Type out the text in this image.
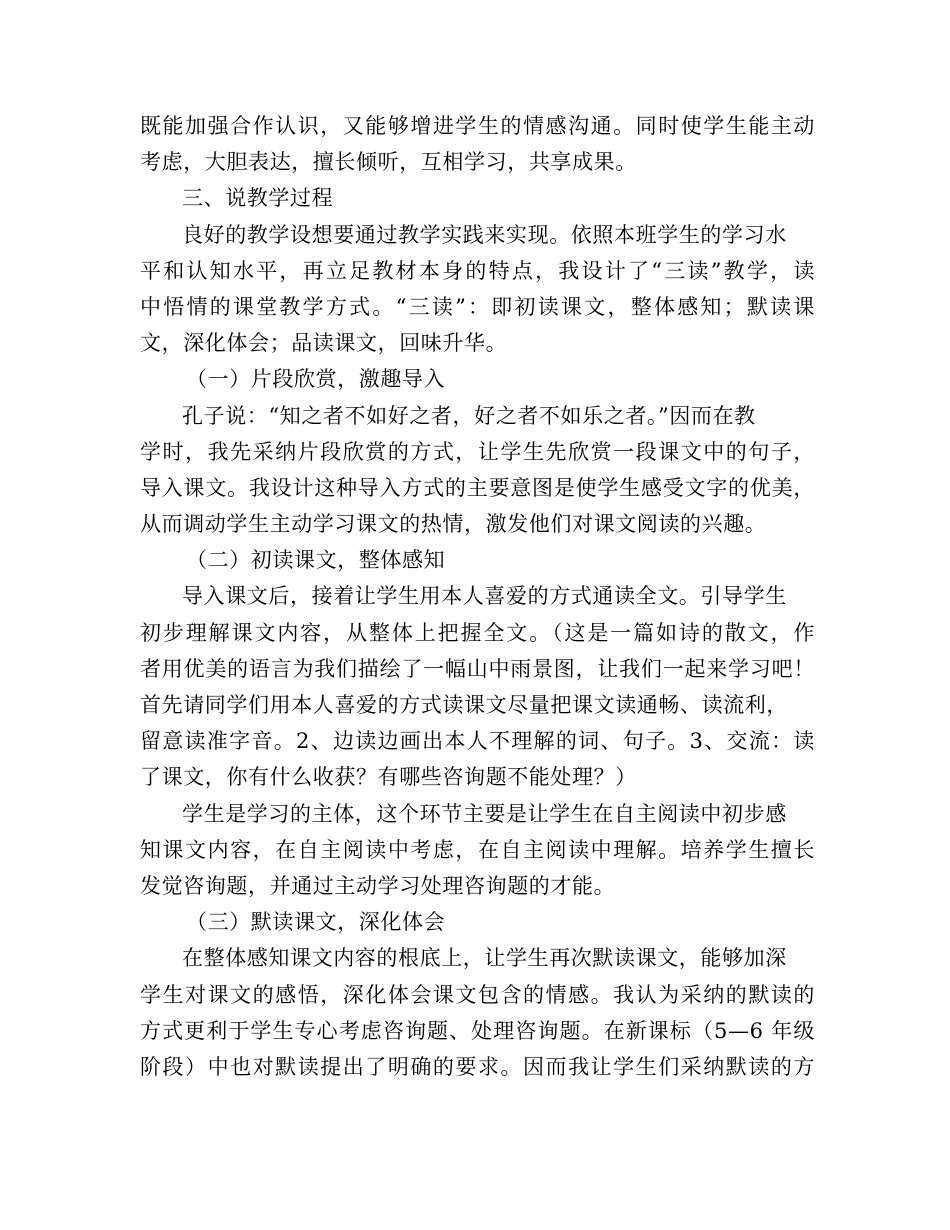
既能加强合作认识，又能够增进学生的情感沟通。同时使学生能主动
考虑，大胆表达，擅长倾听，互相学习，共享成果。
三、说教学过程
良好的教学设想要通过教学实践来实现。依照本班学生的学习水
平和认知水平，再立足教材本身的特点，我设计了“三读”教学，读
中悟情的课堂教学方式。“三读”：即初读课文，整体感知；默读课
文，深化体会；品读课文，回味升华。
（一）片段欣赏，激趣导入
孔子说：“知之者不如好之者，好之者不如乐之者。”因而在教
学时，我先采纳片段欣赏的方式，让学生先欣赏一段课文中的句子，
导入课文。我设计这种导入方式的主要意图是使学生感受文字的优美，
从而调动学生主动学习课文的热情，激发他们对课文阅读的兴趣。
（二）初读课文，整体感知
导入课文后，接着让学生用本人喜爱的方式通读全文。引导学生
初步理解课文内容，从整体上把握全文。（这是一篇如诗的散文，作
者用优美的语言为我们描绘了一幅山中雨景图，让我们一起来学习吧！
首先请同学们用本人喜爱的方式读课文尽量把课文读通畅、读流利，
留意读准字音。2、边读边画出本人不理解的词、句子。3、交流：读
了课文，你有什么收获？有哪些咨询题不能处理？）
学生是学习的主体，这个环节主要是让学生在自主阅读中初步感
知课文内容，在自主阅读中考虑，在自主阅读中理解。培养学生擅长
发觉咨询题，并通过主动学习处理咨询题的才能。
（三）默读课文，深化体会
在整体感知课文内容的根底上，让学生再次默读课文，能够加深
学生对课文的感悟，深化体会课文包含的情感。我认为采纳的默读的
方式更利于学生专心考虑咨询题、处理咨询题。在新课标（5—6 年级
阶段）中也对默读提出了明确的要求。因而我让学生们采纳默读的方
